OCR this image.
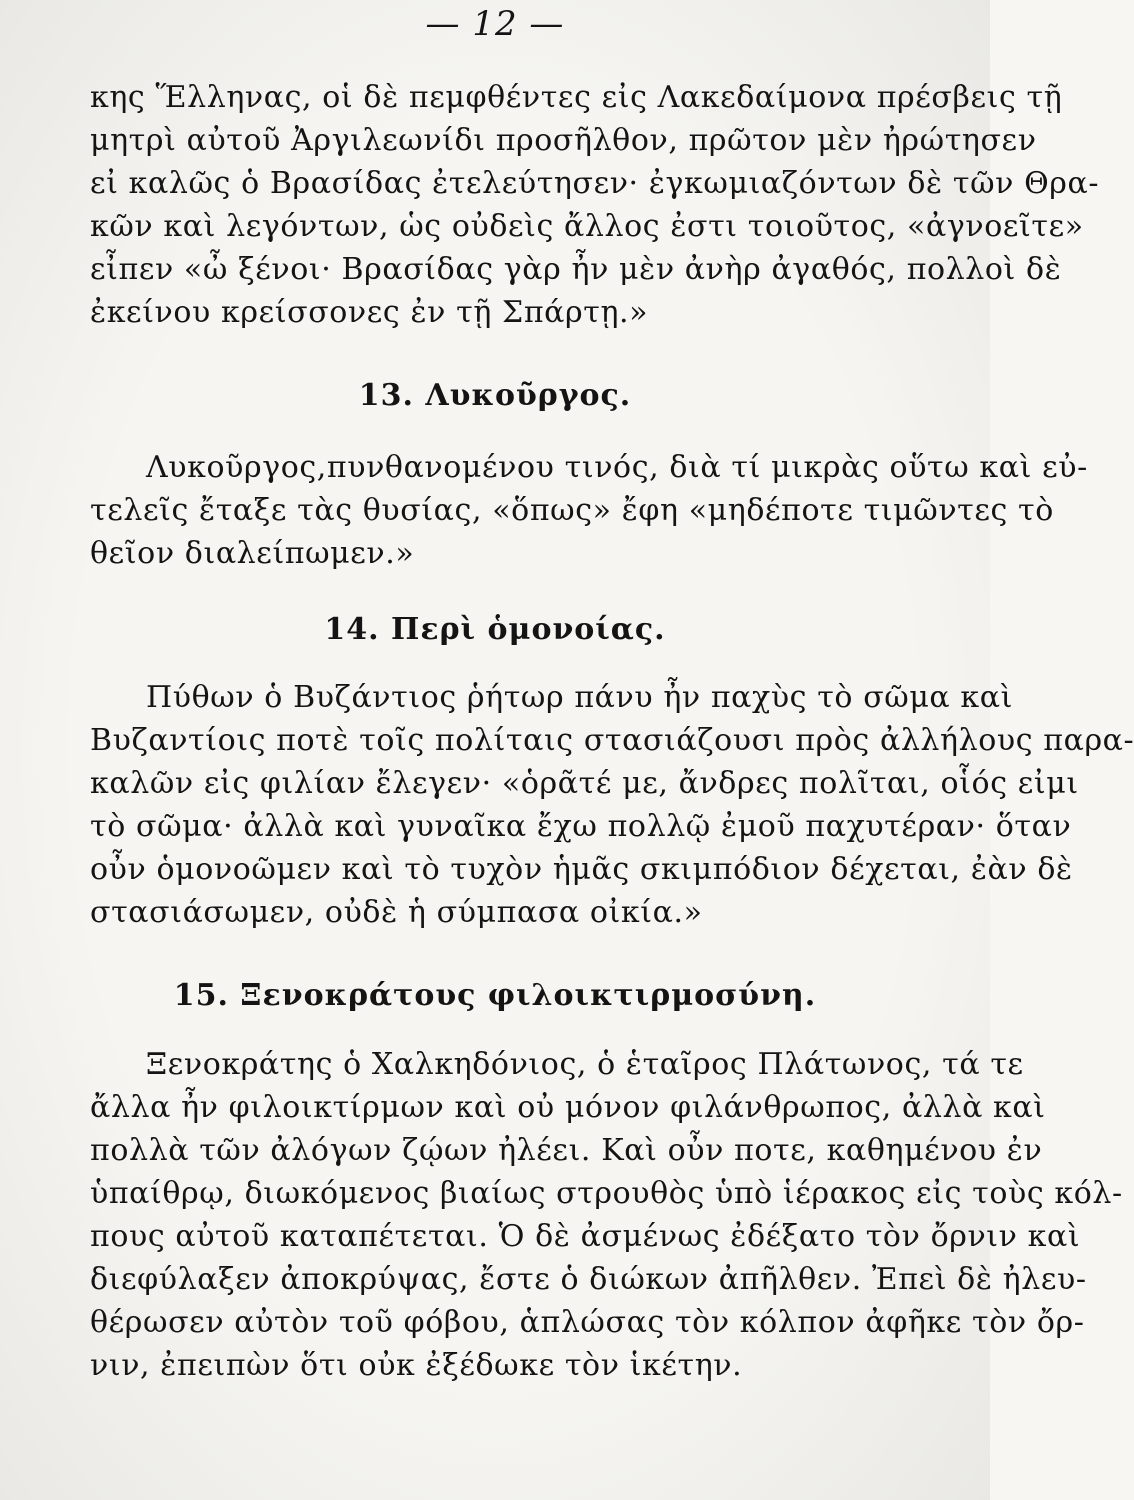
— 12 —
κης Ἕλληνας, οἱ δὲ πεμφθέντες εἰς Λακεδαίμονα πρέσβεις τῇ
μητρὶ αὐτοῦ Ἀργιλεωνίδι προσῆλθον, πρῶτον μὲν ἠρώτησεν
εἰ καλῶς ὁ Βρασίδας ἐτελεύτησεν· ἐγκωμιαζόντων δὲ τῶν Θρα-
κῶν καὶ λεγόντων, ὡς οὐδεὶς ἄλλος ἐστι τοιοῦτος, «ἀγνοεῖτε»
εἶπεν «ὦ ξένοι· Βρασίδας γὰρ ἦν μὲν ἀνὴρ ἀγαθός, πολλοὶ δὲ
ἐκείνου κρείσσονες ἐν τῇ Σπάρτῃ.»
13. Λυκοῦργος.
Λυκοῦργος,πυνθανομένου τινός, διὰ τί μικρὰς οὕτω καὶ εὐ-
τελεῖς ἔταξε τὰς θυσίας, «ὅπως» ἔφη «μηδέποτε τιμῶντες τὸ
θεῖον διαλείπωμεν.»
14. Περὶ ὁμονοίας.
Πύθων ὁ Βυζάντιος ῥήτωρ πάνυ ἦν παχὺς τὸ σῶμα καὶ
Βυζαντίοις ποτὲ τοῖς πολίταις στασιάζουσι πρὸς ἀλλήλους παρα-
καλῶν εἰς φιλίαν ἔλεγεν· «ὁρᾶτέ με, ἄνδρες πολῖται, οἷός εἰμι
τὸ σῶμα· ἀλλὰ καὶ γυναῖκα ἔχω πολλῷ ἐμοῦ παχυτέραν· ὅταν
οὖν ὁμονοῶμεν καὶ τὸ τυχὸν ἡμᾶς σκιμπόδιον δέχεται, ἐὰν δὲ
στασιάσωμεν, οὐδὲ ἡ σύμπασα οἰκία.»
15. Ξενοκράτους φιλοικτιρμοσύνη.
Ξενοκράτης ὁ Χαλκηδόνιος, ὁ ἑταῖρος Πλάτωνος, τά τε
ἄλλα ἦν φιλοικτίρμων καὶ οὐ μόνον φιλάνθρωπος, ἀλλὰ καὶ
πολλὰ τῶν ἀλόγων ζῴων ἠλέει. Καὶ οὖν ποτε, καθημένου ἐν
ὑπαίθρῳ, διωκόμενος βιαίως στρουθὸς ὑπὸ ἱέρακος εἰς τοὺς κόλ-
πους αὐτοῦ καταπέτεται. Ὁ δὲ ἀσμένως ἐδέξατο τὸν ὄρνιν καὶ
διεφύλαξεν ἀποκρύψας, ἔστε ὁ διώκων ἀπῆλθεν. Ἐπεὶ δὲ ἠλευ-
θέρωσεν αὐτὸν τοῦ φόβου, ἁπλώσας τὸν κόλπον ἀφῆκε τὸν ὄρ-
νιν, ἐπειπὼν ὅτι οὐκ ἐξέδωκε τὸν ἱκέτην.
